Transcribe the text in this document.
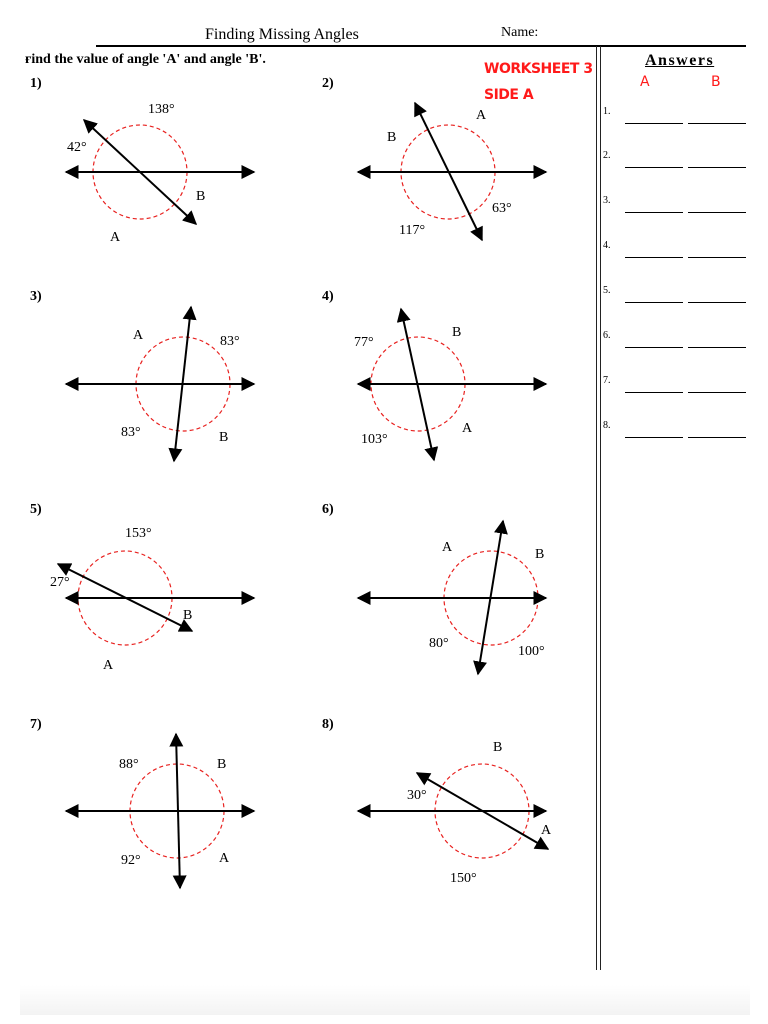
Finding Missing Angles	Name:
ғind the value of angle 'A' and angle 'B'.
WORKSHEET 3
SIDE A
Answers
A	B
1.
2.
3.
4.
5.
6.
7.
8.
1)	2)
3)	4)
5)	6)
7)	8)
138°
42°
B
A
A
B
63°
117°
A	83°
83°	B
77°
B
103°
A
153°
27°
B
A
A	B
80°
100°
88°	B
92°	A
B
30°
A
150°
